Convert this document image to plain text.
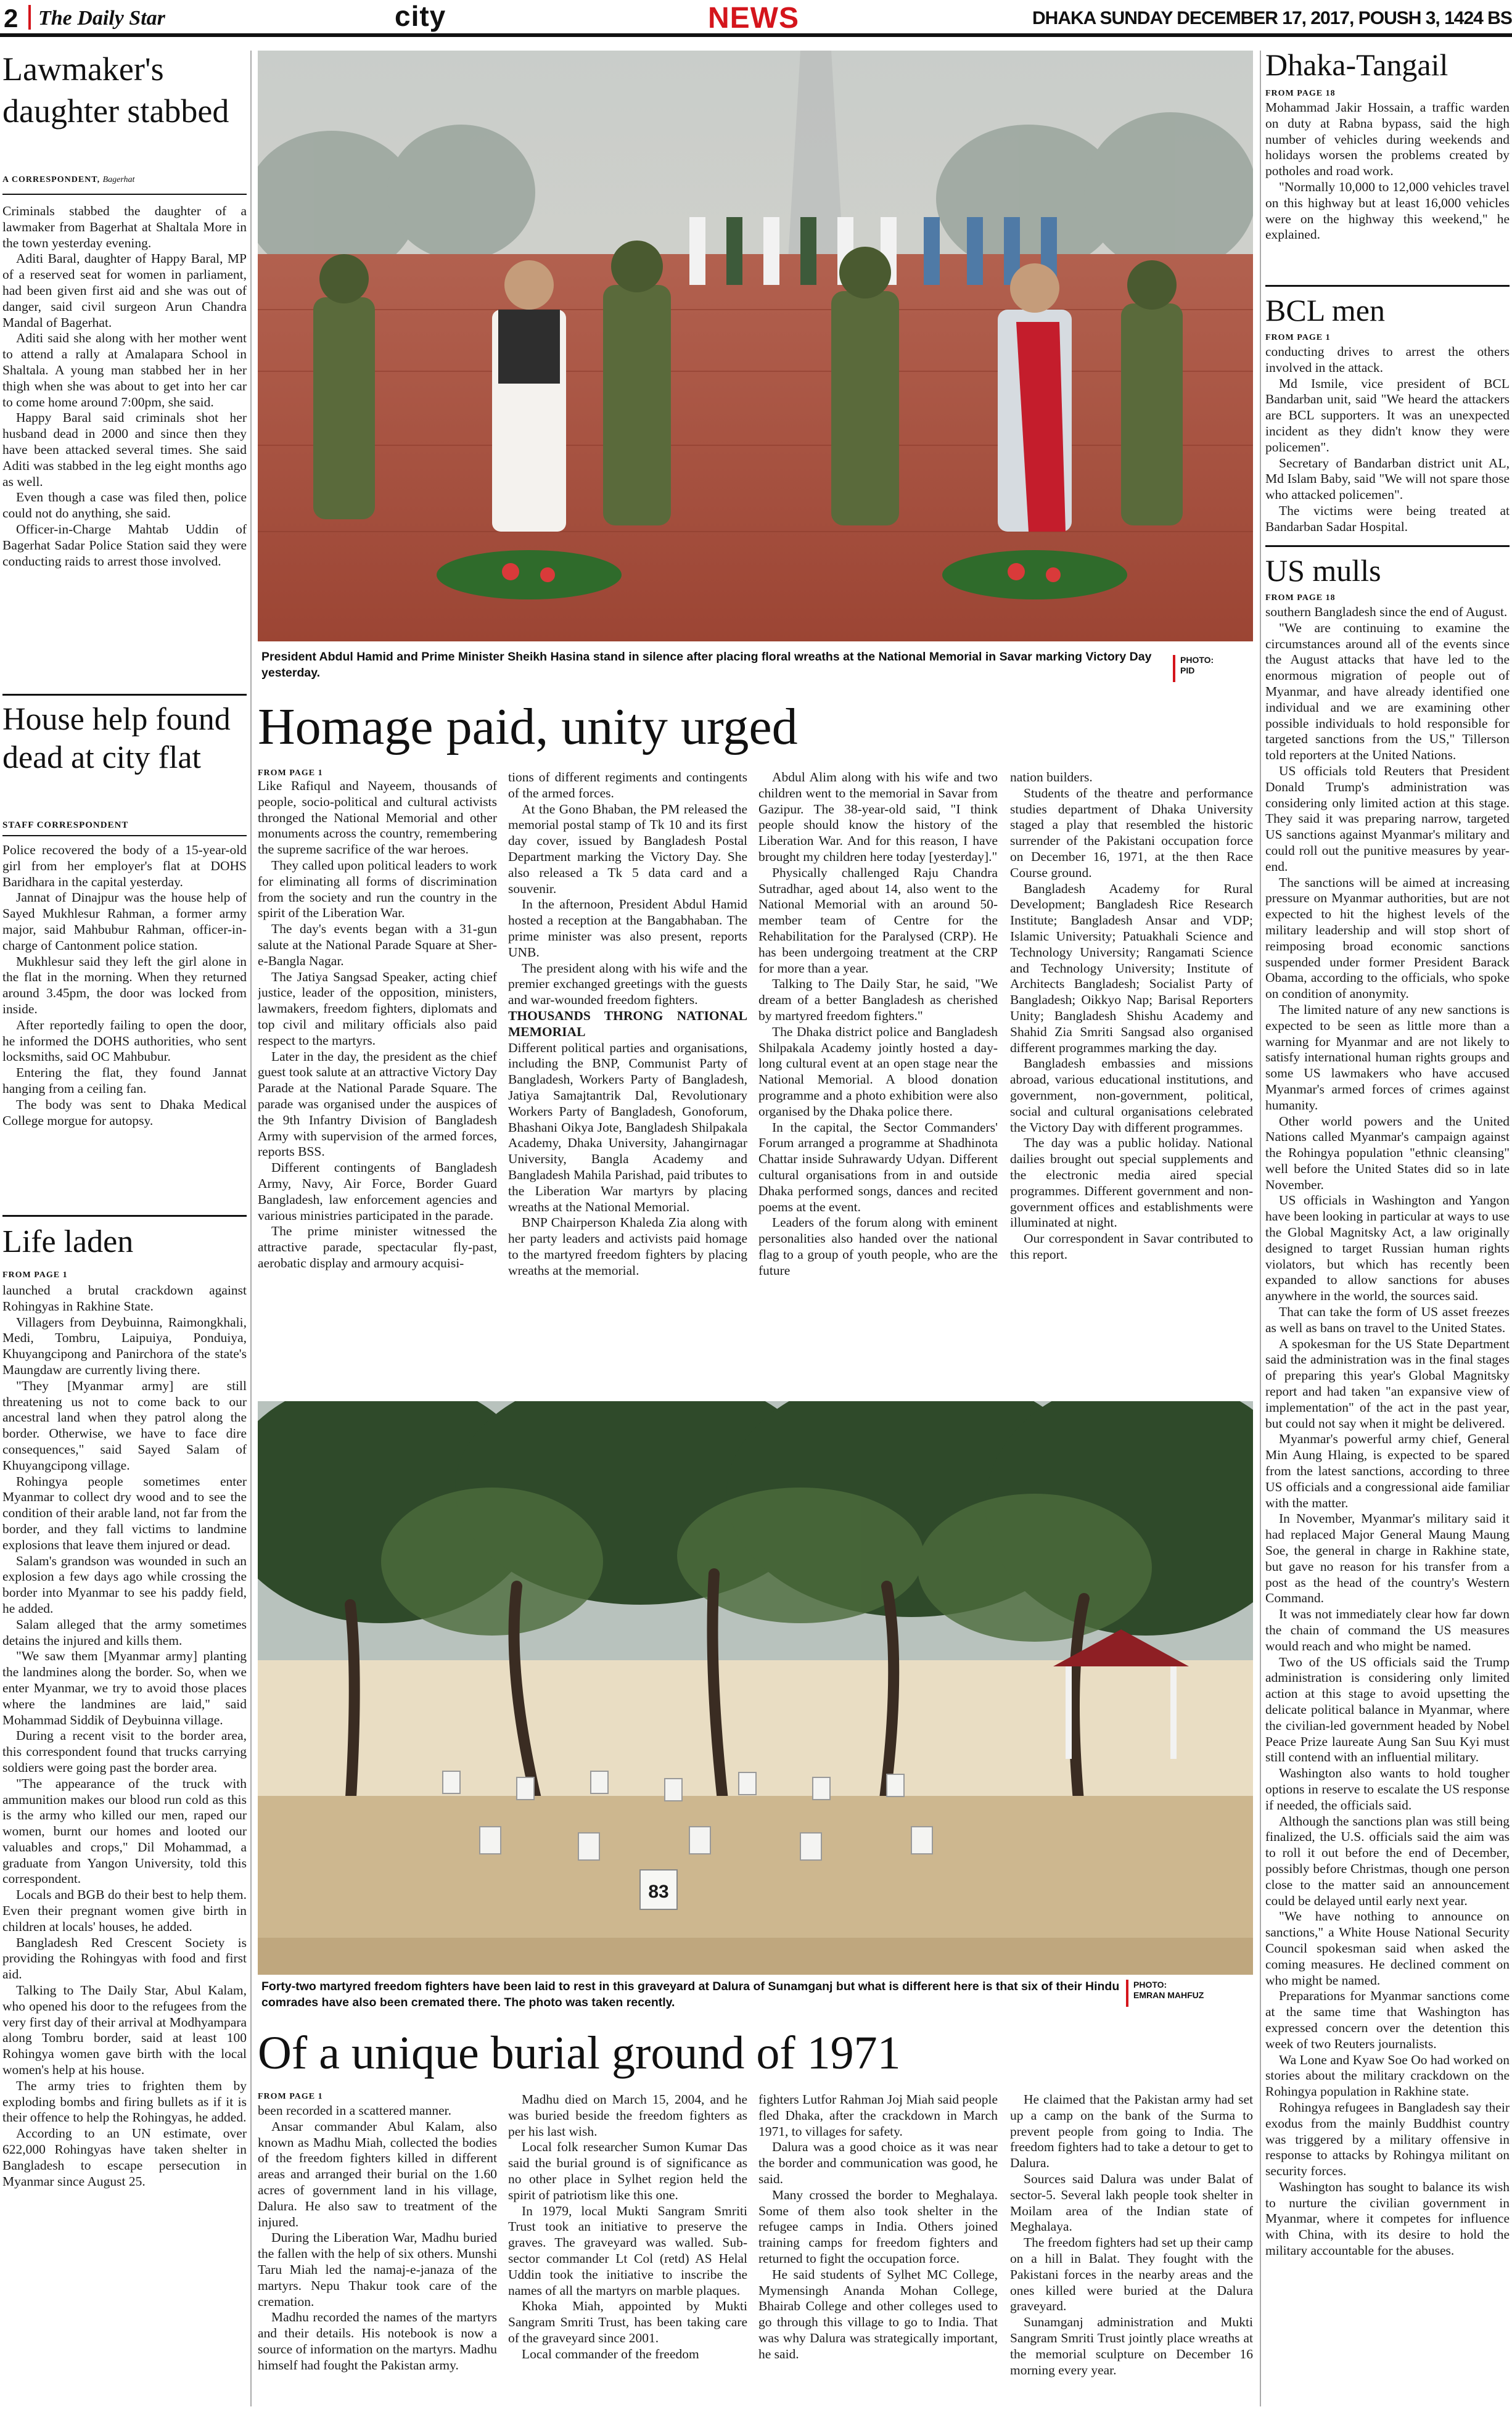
2 The Daily Star	city	NEWS	DHAKA SUNDAY DECEMBER 17, 2017, POUSH 3, 1424 BS
Lawmaker's daughter stabbed
A CORRESPONDENT, Bagerhat

Criminals stabbed the daughter of a lawmaker from Bagerhat at Shaltala More in the town yesterday evening.

Aditi Baral, daughter of Happy Baral, MP of a reserved seat for women in parliament, had been given first aid and she was out of danger, said civil surgeon Arun Chandra Mandal of Bagerhat.

Aditi said she along with her mother went to attend a rally at Amalapara School in Shaltala. A young man stabbed her in her thigh when she was about to get into her car to come home around 7:00pm, she said.

Happy Baral said criminals shot her husband dead in 2000 and since then they have been attacked several times. She said Aditi was stabbed in the leg eight months ago as well.

Even though a case was filed then, police could not do anything, she said.

Officer-in-Charge Mahtab Uddin of Bagerhat Sadar Police Station said they were conducting raids to arrest those involved.

House help found dead at city flat
STAFF CORRESPONDENT

Police recovered the body of a 15-year-old girl from her employer's flat at DOHS Baridhara in the capital yesterday.

Jannat of Dinajpur was the house help of Sayed Mukhlesur Rahman, a former army major, said Mahbubur Rahman, officer-in-charge of Cantonment police station.

Mukhlesur said they left the girl alone in the flat in the morning. When they returned around 3.45pm, the door was locked from inside.

After reportedly failing to open the door, he informed the DOHS authorities, who sent locksmiths, said OC Mahbubur.

Entering the flat, they found Jannat hanging from a ceiling fan.

The body was sent to Dhaka Medical College morgue for autopsy.

Life laden
FROM PAGE 1

launched a brutal crackdown against Rohingyas in Rakhine State.

Villagers from Deybuinna, Raimongkhali, Medi, Tombru, Laipuiya, Ponduiya, Khuyangcipong and Panirchora of the state's Maungdaw are currently living there.

"They [Myanmar army] are still threatening us not to come back to our ancestral land when they patrol along the border. Otherwise, we have to face dire consequences," said Sayed Salam of Khuyangcipong village.

Rohingya people sometimes enter Myanmar to collect dry wood and to see the condition of their arable land, not far from the border, and they fall victims to landmine explosions that leave them injured or dead.

Salam's grandson was wounded in such an explosion a few days ago while crossing the border into Myanmar to see his paddy field, he added.

Salam alleged that the army sometimes detains the injured and kills them.

"We saw them [Myanmar army] planting the landmines along the border. So, when we enter Myanmar, we try to avoid those places where the landmines are laid," said Mohammad Siddik of Deybuinna village.

During a recent visit to the border area, this correspondent found that trucks carrying soldiers were going past the border area.

"The appearance of the truck with ammunition makes our blood run cold as this is the army who killed our men, raped our women, burnt our homes and looted our valuables and crops," Dil Mohammad, a graduate from Yangon University, told this correspondent.

Locals and BGB do their best to help them. Even their pregnant women give birth in children at locals' houses, he added.

Bangladesh Red Crescent Society is providing the Rohingyas with food and first aid.

Talking to The Daily Star, Abul Kalam, who opened his door to the refugees from the very first day of their arrival at Modhyampara along Tombru border, said at least 100 Rohingya women gave birth with the local women's help at his house.

The army tries to frighten them by exploding bombs and firing bullets as if it is their offence to help the Rohingyas, he added.

According to an UN estimate, over 622,000 Rohingyas have taken shelter in Bangladesh to escape persecution in Myanmar since August 25.

President Abdul Hamid and Prime Minister Sheikh Hasina stand in silence after placing floral wreaths at the National Memorial in Savar marking Victory Day yesterday.
PHOTO:
PID
Homage paid, unity urged
FROM PAGE 1

Like Rafiqul and Nayeem, thousands of people, socio-political and cultural activists thronged the National Memorial and other monuments across the country, remembering the supreme sacrifice of the war heroes.

They called upon political leaders to work for eliminating all forms of discrimination from the society and run the country in the spirit of the Liberation War.

The day's events began with a 31-gun salute at the National Parade Square at Sher-e-Bangla Nagar.

The Jatiya Sangsad Speaker, acting chief justice, leader of the opposition, ministers, lawmakers, freedom fighters, diplomats and top civil and military officials also paid respect to the martyrs.

Later in the day, the president as the chief guest took salute at an attractive Victory Day Parade at the National Parade Square. The parade was organised under the auspices of the 9th Infantry Division of Bangladesh Army with supervision of the armed forces, reports BSS.

Different contingents of Bangladesh Army, Navy, Air Force, Border Guard Bangladesh, law enforcement agencies and various ministries participated in the parade.

The prime minister witnessed the attractive parade, spectacular fly-past, aerobatic display and armoury acquisi-

tions of different regiments and contingents of the armed forces.

At the Gono Bhaban, the PM released the memorial postal stamp of Tk 10 and its first day cover, issued by Bangladesh Postal Department marking the Victory Day. She also released a Tk 5 data card and a souvenir.

In the afternoon, President Abdul Hamid hosted a reception at the Bangabhaban. The prime minister was also present, reports UNB.

The president along with his wife and the premier exchanged greetings with the guests and war-wounded freedom fighters.

THOUSANDS THRONG NATIONAL MEMORIAL

Different political parties and organisations, including the BNP, Communist Party of Bangladesh, Workers Party of Bangladesh, Jatiya Samajtantrik Dal, Revolutionary Workers Party of Bangladesh, Gonoforum, Bhashani Oikya Jote, Bangladesh Shilpakala Academy, Dhaka University, Jahangirnagar University, Bangla Academy and Bangladesh Mahila Parishad, paid tributes to the Liberation War martyrs by placing wreaths at the National Memorial.

BNP Chairperson Khaleda Zia along with her party leaders and activists paid homage to the martyred freedom fighters by placing wreaths at the memorial.

Abdul Alim along with his wife and two children went to the memorial in Savar from Gazipur. The 38-year-old said, "I think people should know the history of the Liberation War. And for this reason, I have brought my children here today [yesterday]."

Physically challenged Raju Chandra Sutradhar, aged about 14, also went to the National Memorial with an around 50-member team of Centre for the Rehabilitation for the Paralysed (CRP). He has been undergoing treatment at the CRP for more than a year.

Talking to The Daily Star, he said, "We dream of a better Bangladesh as cherished by martyred freedom fighters."

The Dhaka district police and Bangladesh Shilpakala Academy jointly hosted a day-long cultural event at an open stage near the National Memorial. A blood donation programme and a photo exhibition were also organised by the Dhaka police there.

In the capital, the Sector Commanders' Forum arranged a programme at Shadhinota Chattar inside Suhrawardy Udyan. Different cultural organisations from in and outside Dhaka performed songs, dances and recited poems at the event.

Leaders of the forum along with eminent personalities also handed over the national flag to a group of youth people, who are the future

nation builders.

Students of the theatre and performance studies department of Dhaka University staged a play that resembled the historic surrender of the Pakistani occupation force on December 16, 1971, at the then Race Course ground.

Bangladesh Academy for Rural Development; Bangladesh Rice Research Institute; Bangladesh Ansar and VDP; Islamic University; Patuakhali Science and Technology University; Rangamati Science and Technology University; Institute of Architects Bangladesh; Socialist Party of Bangladesh; Oikkyo Nap; Barisal Reporters Unity; Bangladesh Shishu Academy and Shahid Zia Smriti Sangsad also organised different programmes marking the day.

Bangladesh embassies and missions abroad, various educational institutions, and government, non-government, political, social and cultural organisations celebrated the Victory Day with different programmes.

The day was a public holiday. National dailies brought out special supplements and the electronic media aired special programmes. Different government and non-government offices and establishments were illuminated at night.

Our correspondent in Savar contributed to this report.

83
Forty-two martyred freedom fighters have been laid to rest in this graveyard at Dalura of Sunamganj but what is different here is that six of their Hindu comrades have also been cremated there. The photo was taken recently.
PHOTO:
EMRAN MAHFUZ
Of a unique burial ground of 1971
FROM PAGE 1

been recorded in a scattered manner.

Ansar commander Abul Kalam, also known as Madhu Miah, collected the bodies of the freedom fighters killed in different areas and arranged their burial on the 1.60 acres of government land in his village, Dalura. He also saw to treatment of the injured.

During the Liberation War, Madhu buried the fallen with the help of six others. Munshi Taru Miah led the namaj-e-janaza of the martyrs. Nepu Thakur took care of the cremation.

Madhu recorded the names of the martyrs and their details. His notebook is now a source of information on the martyrs. Madhu himself had fought the Pakistan army.

Madhu died on March 15, 2004, and he was buried beside the freedom fighters as per his last wish.

Local folk researcher Sumon Kumar Das said the burial ground is of significance as no other place in Sylhet region held the spirit of patriotism like this one.

In 1979, local Mukti Sangram Smriti Trust took an initiative to preserve the graves. The graveyard was walled. Sub-sector commander Lt Col (retd) AS Helal Uddin took the initiative to inscribe the names of all the martyrs on marble plaques.

Khoka Miah, appointed by Mukti Sangram Smriti Trust, has been taking care of the graveyard since 2001.

Local commander of the freedom

fighters Lutfor Rahman Joj Miah said people fled Dhaka, after the crackdown in March 1971, to villages for safety.

Dalura was a good choice as it was near the border and communication was good, he said.

Many crossed the border to Meghalaya. Some of them also took shelter in the refugee camps in India. Others joined training camps for freedom fighters and returned to fight the occupation force.

He said students of Sylhet MC College, Mymensingh Ananda Mohan College, Bhairab College and other colleges used to go through this village to go to India. That was why Dalura was strategically important, he said.

He claimed that the Pakistan army had set up a camp on the bank of the Surma to prevent people from going to India. The freedom fighters had to take a detour to get to Dalura.

Sources said Dalura was under Balat of sector-5. Several lakh people took shelter in Moilam area of the Indian state of Meghalaya.

The freedom fighters had set up their camp on a hill in Balat. They fought with the Pakistani forces in the nearby areas and the ones killed were buried at the Dalura graveyard.

Sunamganj administration and Mukti Sangram Smriti Trust jointly place wreaths at the memorial sculpture on December 16 morning every year.

Dhaka-Tangail
FROM PAGE 18

Mohammad Jakir Hossain, a traffic warden on duty at Rabna bypass, said the high number of vehicles during weekends and holidays worsen the problems created by potholes and road work.

"Normally 10,000 to 12,000 vehicles travel on this highway but at least 16,000 vehicles were on the highway this weekend," he explained.

BCL men
FROM PAGE 1

conducting drives to arrest the others involved in the attack.

Md Ismile, vice president of BCL Bandarban unit, said "We heard the attackers are BCL supporters. It was an unexpected incident as they didn't know they were policemen".

Secretary of Bandarban district unit AL, Md Islam Baby, said "We will not spare those who attacked policemen".

The victims were being treated at Bandarban Sadar Hospital.

US mulls
FROM PAGE 18

southern Bangladesh since the end of August.

"We are continuing to examine the circumstances around all of the events since the August attacks that have led to the enormous migration of people out of Myanmar, and have already identified one individual and we are examining other possible individuals to hold responsible for targeted sanctions from the US," Tillerson told reporters at the United Nations.

US officials told Reuters that President Donald Trump's administration was considering only limited action at this stage. They said it was preparing narrow, targeted US sanctions against Myanmar's military and could roll out the punitive measures by year-end.

The sanctions will be aimed at increasing pressure on Myanmar authorities, but are not expected to hit the highest levels of the military leadership and will stop short of reimposing broad economic sanctions suspended under former President Barack Obama, according to the officials, who spoke on condition of anonymity.

The limited nature of any new sanctions is expected to be seen as little more than a warning for Myanmar and are not likely to satisfy international human rights groups and some US lawmakers who have accused Myanmar's armed forces of crimes against humanity.

Other world powers and the United Nations called Myanmar's campaign against the Rohingya population "ethnic cleansing" well before the United States did so in late November.

US officials in Washington and Yangon have been looking in particular at ways to use the Global Magnitsky Act, a law originally designed to target Russian human rights violators, but which has recently been expanded to allow sanctions for abuses anywhere in the world, the sources said.

That can take the form of US asset freezes as well as bans on travel to the United States.

A spokesman for the US State Department said the administration was in the final stages of preparing this year's Global Magnitsky report and had taken "an expansive view of implementation" of the act in the past year, but could not say when it might be delivered.

Myanmar's powerful army chief, General Min Aung Hlaing, is expected to be spared from the latest sanctions, according to three US officials and a congressional aide familiar with the matter.

In November, Myanmar's military said it had replaced Major General Maung Maung Soe, the general in charge in Rakhine state, but gave no reason for his transfer from a post as the head of the country's Western Command.

It was not immediately clear how far down the chain of command the US measures would reach and who might be named.

Two of the US officials said the Trump administration is considering only limited action at this stage to avoid upsetting the delicate political balance in Myanmar, where the civilian-led government headed by Nobel Peace Prize laureate Aung San Suu Kyi must still contend with an influential military.

Washington also wants to hold tougher options in reserve to escalate the US response if needed, the officials said.

Although the sanctions plan was still being finalized, the U.S. officials said the aim was to roll it out before the end of December, possibly before Christmas, though one person close to the matter said an announcement could be delayed until early next year.

"We have nothing to announce on sanctions," a White House National Security Council spokesman said when asked the coming measures. He declined comment on who might be named.

Preparations for Myanmar sanctions come at the same time that Washington has expressed concern over the detention this week of two Reuters journalists.

Wa Lone and Kyaw Soe Oo had worked on stories about the military crackdown on the Rohingya population in Rakhine state.

Rohingya refugees in Bangladesh say their exodus from the mainly Buddhist country was triggered by a military offensive in response to attacks by Rohingya militant on security forces.

Washington has sought to balance its wish to nurture the civilian government in Myanmar, where it competes for influence with China, with its desire to hold the military accountable for the abuses.
